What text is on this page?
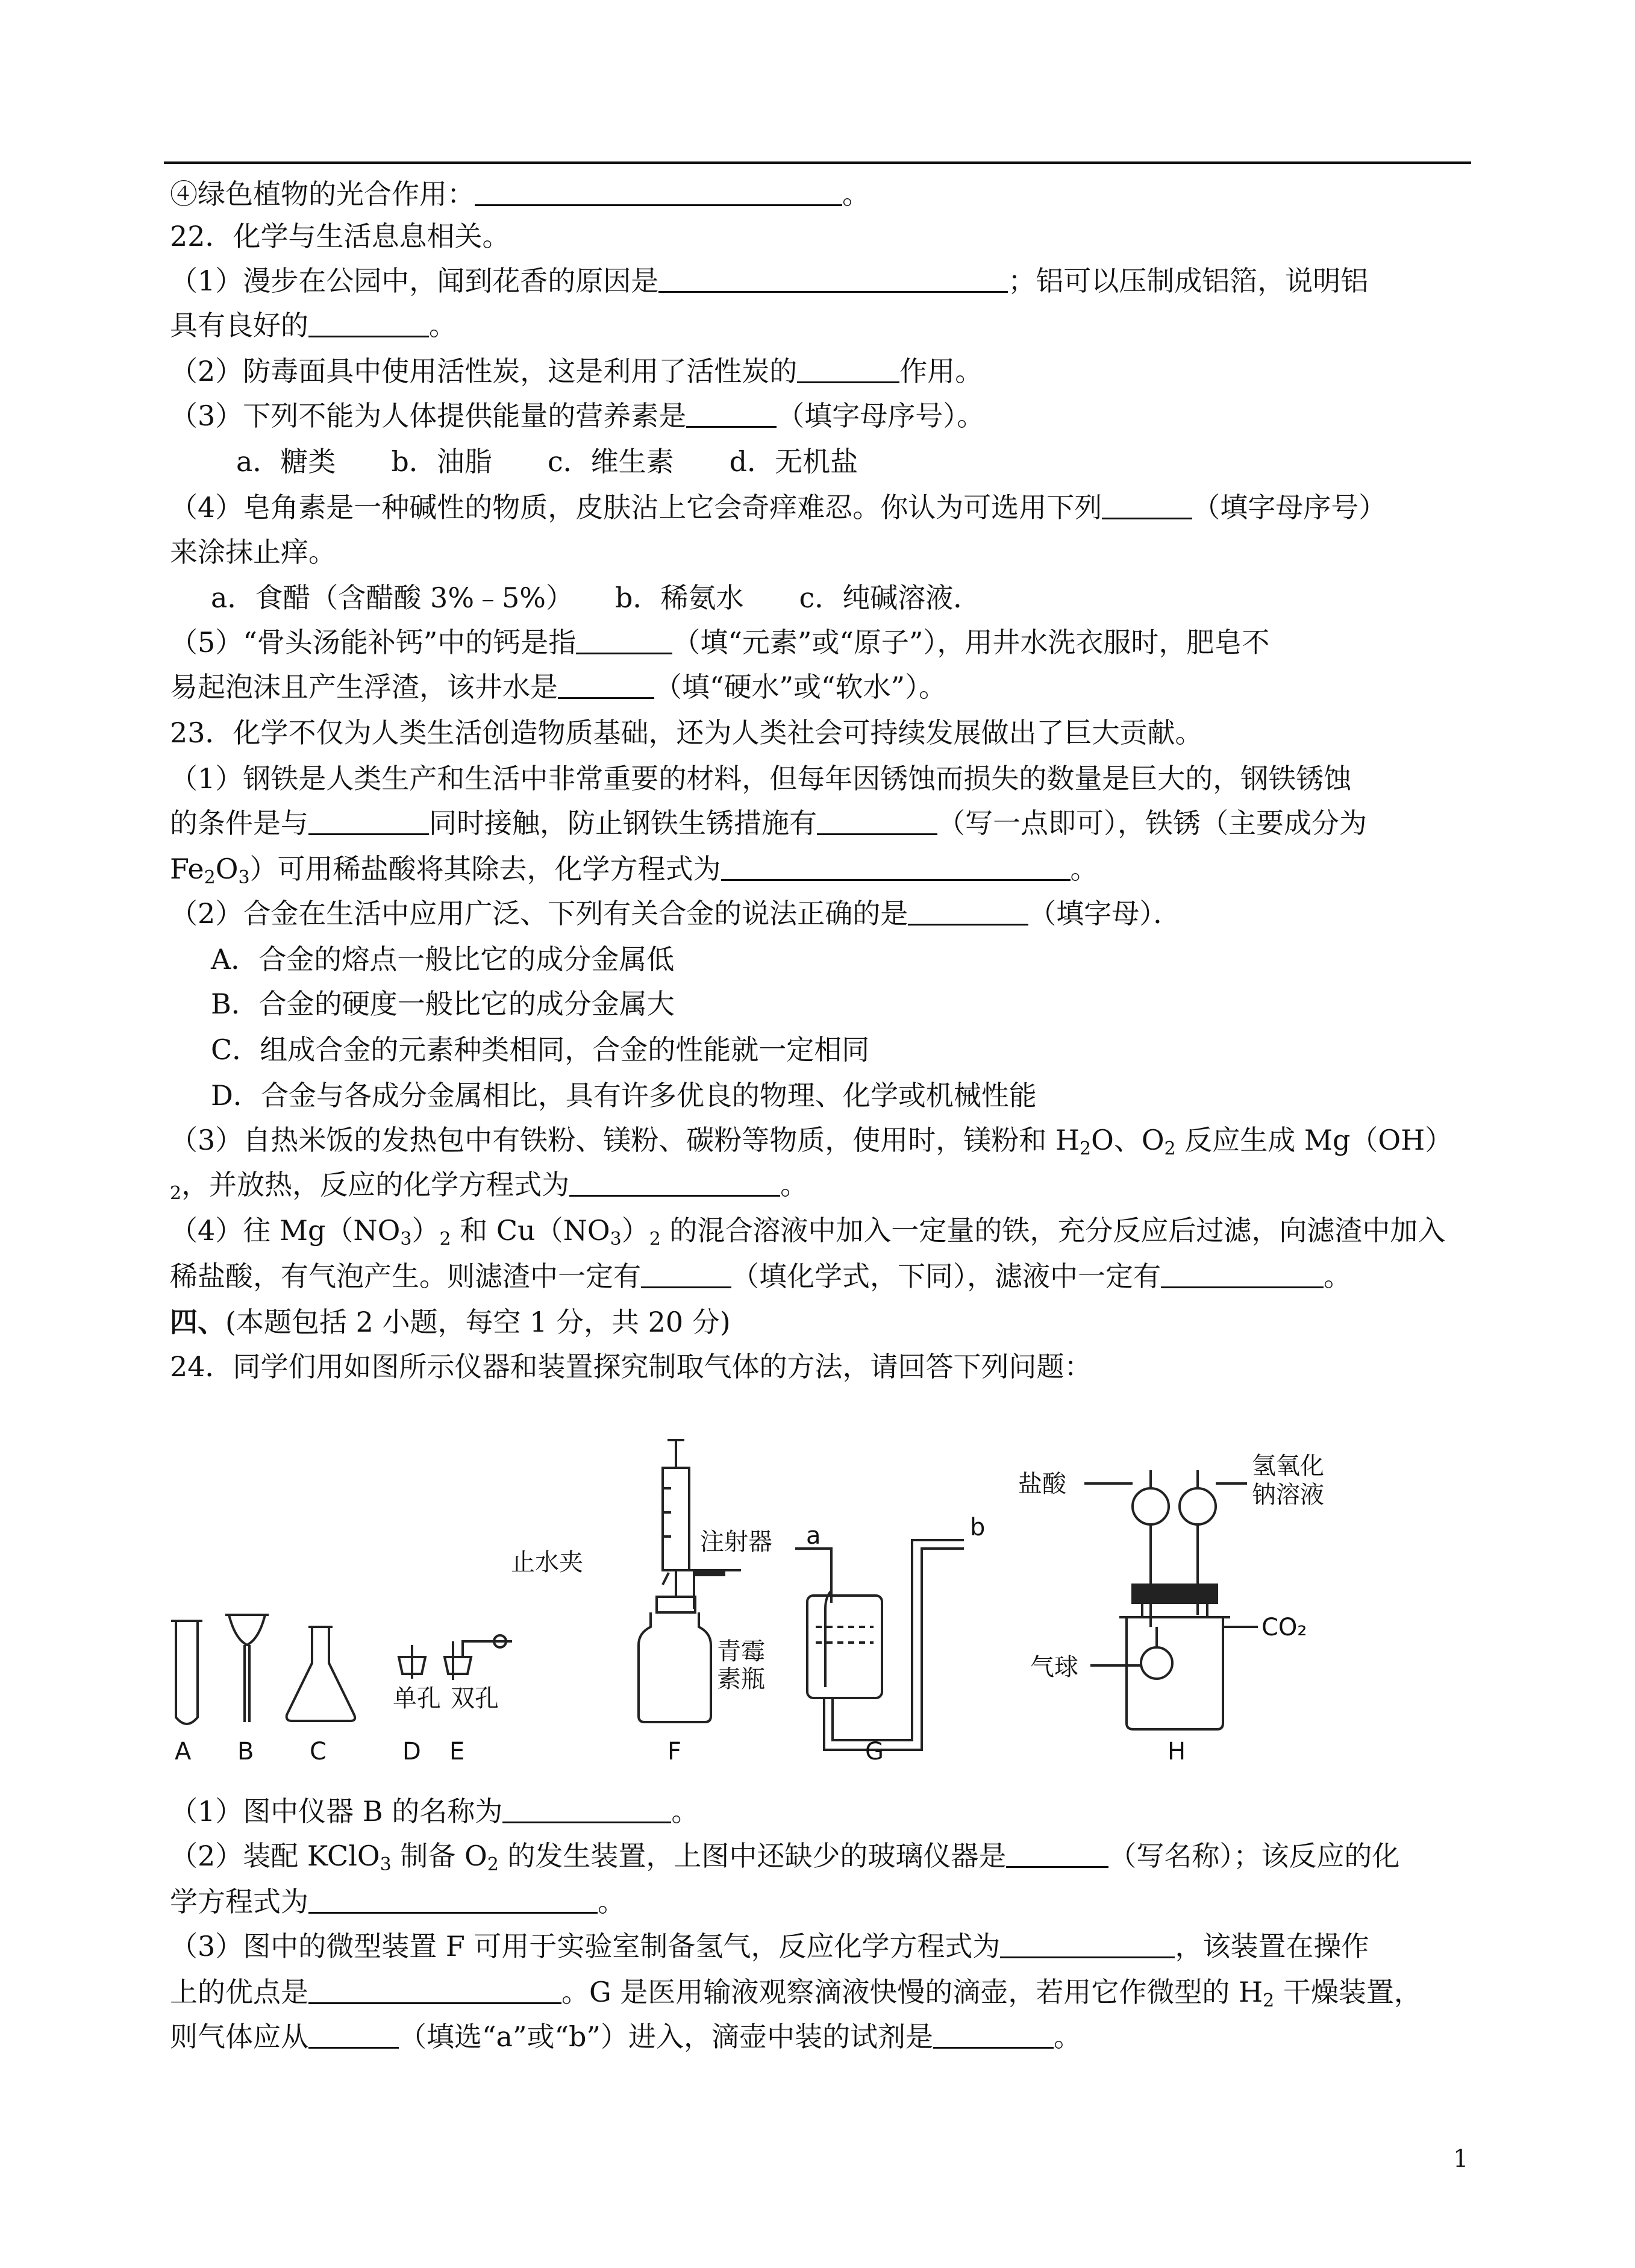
④绿色植物的光合作用：	。
22．化学与生活息息相关。
（1）漫步在公园中，闻到花香的原因是	；铝可以压制成铝箔，说明铝
具有良好的	。
（2）防毒面具中使用活性炭，这是利用了活性炭的	作用。
（3）下列不能为人体提供能量的营养素是	（填字母序号）。
a．糖类　　b．油脂　　c．维生素　　d．无机盐
（4）皂角素是一种碱性的物质，皮肤沾上它会奇痒难忍。你认为可选用下列	（填字母序号）
来涂抹止痒。
a．食醋（含醋酸 3%﹣5%）　　b．稀氨水　　c．纯碱溶液．
（5）“骨头汤能补钙”中的钙是指	（填“元素”或“原子”），用井水洗衣服时，肥皂不
易起泡沫且产生浮渣，该井水是	（填“硬水”或“软水”）。
23．化学不仅为人类生活创造物质基础，还为人类社会可持续发展做出了巨大贡献。
（1）钢铁是人类生产和生活中非常重要的材料，但每年因锈蚀而损失的数量是巨大的，钢铁锈蚀
的条件是与	同时接触，防止钢铁生锈措施有	（写一点即可），铁锈（主要成分为
$Fe_2O_3$）可用稀盐酸将其除去，化学方程式为	。
（2）合金在生活中应用广泛、下列有关合金的说法正确的是	（填字母）．
A．合金的熔点一般比它的成分金属低
B．合金的硬度一般比它的成分金属大
C．组成合金的元素种类相同，合金的性能就一定相同
D．合金与各成分金属相比，具有许多优良的物理、化学或机械性能
（3）自热米饭的发热包中有铁粉、镁粉、碳粉等物质，使用时，镁粉和 $H_2O$、$O_2$ 反应生成 Mg（OH）
$_2$，并放热，反应的化学方程式为	。
（4）往 $Mg(NO_3)_2$ 和 $Cu(NO_3)_2$ 的混合溶液中加入一定量的铁，充分反应后过滤，向滤渣中加入
稀盐酸，有气泡产生。则滤渣中一定有	（填化学式，下同），滤液中一定有	。
四、(本题包括 2 小题，每空 1 分，共 20 分)
24．同学们用如图所示仪器和装置探究制取气体的方法，请回答下列问题：
A B C	D E	F	G	H
单孔 双孔
止水夹
注射器
青霉
素瓶
a	b
盐酸
氢氧化
钠溶液
CO₂
气球
（1）图中仪器 B 的名称为	。
（2）装配 KClO$_3$ 制备 $O_2$ 的发生装置，上图中还缺少的玻璃仪器是	（写名称）；该反应的化
学方程式为	。
（3）图中的微型装置 F 可用于实验室制备氢气，反应化学方程式为	，该装置在操作
上的优点是	。G 是医用输液观察滴液快慢的滴壶，若用它作微型的 $H_2$ 干燥装置，
则气体应从	（填选“a”或“b”）进入，滴壶中装的试剂是	。
1
